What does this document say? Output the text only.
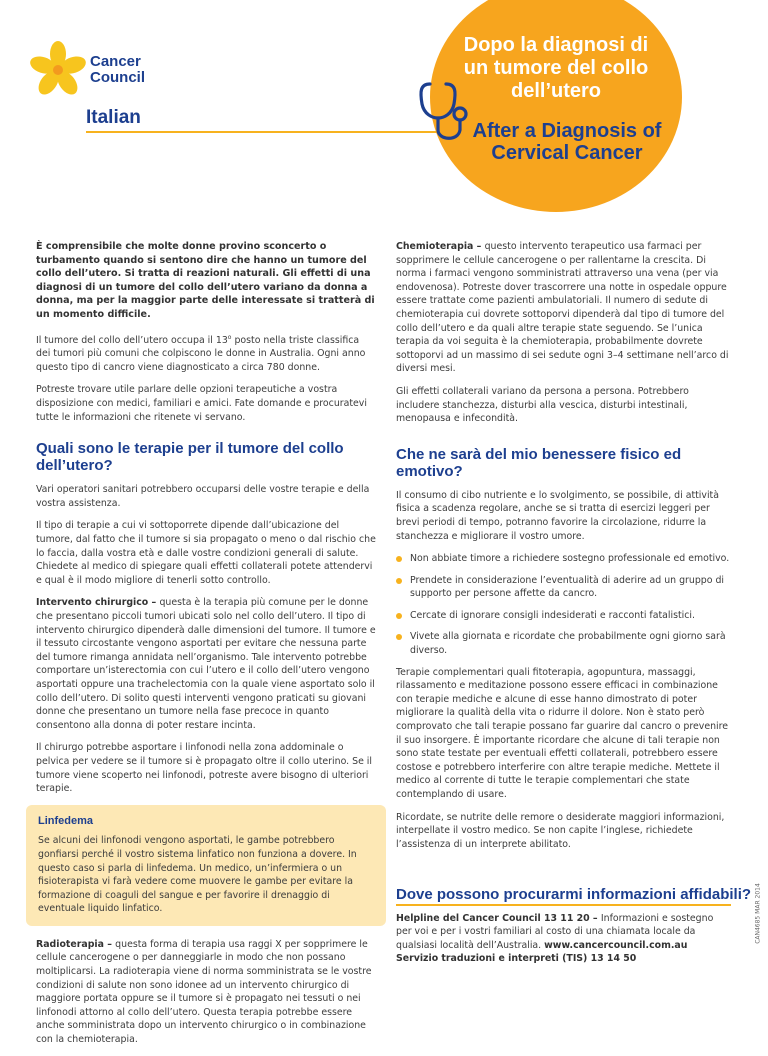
Cancer
Council
Italian
Dopo la diagnosi di un tumore del collo dell’utero
After a Diagnosis of Cervical Cancer

È comprensibile che molte donne provino sconcerto o turbamento quando si sentono dire che hanno un tumore del collo dell’utero. Si tratta di reazioni naturali. Gli effetti di una diagnosi di un tumore del collo dell’utero variano da donna a donna, ma per la maggior parte delle interessate si tratterà di un momento difficile.

Il tumore del collo dell’utero occupa il 13$^o$ posto nella triste classifica dei tumori più comuni che colpiscono le donne in Australia. Ogni anno questo tipo di cancro viene diagnosticato a circa 780 donne.

Potreste trovare utile parlare delle opzioni terapeutiche a vostra disposizione con medici, familiari e amici. Fate domande e procuratevi tutte le informazioni che ritenete vi servano.

Quali sono le terapie per il tumore del collo dell’utero?

Vari operatori sanitari potrebbero occuparsi delle vostre terapie e della vostra assistenza.

Il tipo di terapie a cui vi sottoporrete dipende dall’ubicazione del tumore, dal fatto che il tumore si sia propagato o meno o dal rischio che lo faccia, dalla vostra età e dalle vostre condizioni generali di salute. Chiedete al medico di spiegare quali effetti collaterali potete attendervi e qual è il modo migliore di tenerli sotto controllo.

Intervento chirurgico – questa è la terapia più comune per le donne che presentano piccoli tumori ubicati solo nel collo dell’utero. Il tipo di intervento chirurgico dipenderà dalle dimensioni del tumore. Il tumore e il tessuto circostante vengono asportati per evitare che nessuna parte del tumore rimanga annidata nell’organismo. Tale intervento potrebbe comportare un’isterectomia con cui l’utero e il collo dell’utero vengono asportati oppure una trachelectomia con la quale viene asportato solo il collo dell’utero. Di solito questi interventi vengono praticati su giovani donne che presentano un tumore nella fase precoce in quanto consentono alla donna di poter restare incinta.

Il chirurgo potrebbe asportare i linfonodi nella zona addominale o pelvica per vedere se il tumore si è propagato oltre il collo uterino. Se il tumore viene scoperto nei linfonodi, potreste avere bisogno di ulteriori terapie.

Linfedema
Se alcuni dei linfonodi vengono asportati, le gambe potrebbero gonfiarsi perché il vostro sistema linfatico non funziona a dovere. In questo caso si parla di linfedema. Un medico, un’infermiera o un fisioterapista vi farà vedere come muovere le gambe per evitare la formazione di coaguli del sangue e per favorire il drenaggio di eventuale liquido linfatico.

Radioterapia – questa forma di terapia usa raggi X per sopprimere le cellule cancerogene o per danneggiarle in modo che non possano moltiplicarsi. La radioterapia viene di norma somministrata se le vostre condizioni di salute non sono idonee ad un intervento chirurgico di maggiore portata oppure se il tumore si è propagato nei tessuti o nei linfonodi attorno al collo dell’utero. Questa terapia potrebbe essere anche somministrata dopo un intervento chirurgico o in combinazione con la chemioterapia.

Chemioterapia – questo intervento terapeutico usa farmaci per sopprimere le cellule cancerogene o per rallentarne la crescita. Di norma i farmaci vengono somministrati attraverso una vena (per via endovenosa). Potreste dover trascorrere una notte in ospedale oppure essere trattate come pazienti ambulatoriali. Il numero di sedute di chemioterapia cui dovrete sottoporvi dipenderà dal tipo di tumore del collo dell’utero e da quali altre terapie state seguendo. Se l’unica terapia da voi seguita è la chemioterapia, probabilmente dovrete sottoporvi ad un massimo di sei sedute ogni 3–4 settimane nell’arco di diversi mesi.

Gli effetti collaterali variano da persona a persona. Potrebbero includere stanchezza, disturbi alla vescica, disturbi intestinali, menopausa e infecondità.

Che ne sarà del mio benessere fisico ed emotivo?

Il consumo di cibo nutriente e lo svolgimento, se possibile, di attività fisica a scadenza regolare, anche se si tratta di esercizi leggeri per brevi periodi di tempo, potranno favorire la circolazione, ridurre la stanchezza e migliorare il vostro umore.

Non abbiate timore a richiedere sostegno professionale ed emotivo.
Prendete in considerazione l’eventualità di aderire ad un gruppo di supporto per persone affette da cancro.
Cercate di ignorare consigli indesiderati e racconti fatalistici.
Vivete alla giornata e ricordate che probabilmente ogni giorno sarà diverso.

Terapie complementari quali fitoterapia, agopuntura, massaggi, rilassamento e meditazione possono essere efficaci in combinazione con terapie mediche e alcune di esse hanno dimostrato di poter migliorare la qualità della vita o ridurre il dolore. Non è stato però comprovato che tali terapie possano far guarire dal cancro o prevenire il suo insorgere. È importante ricordare che alcune di tali terapie non sono state testate per eventuali effetti collaterali, potrebbero essere costose e potrebbero interferire con altre terapie mediche. Mettete il medico al corrente di tutte le terapie complementari che state contemplando di usare.

Ricordate, se nutrite delle remore o desiderate maggiori informazioni, interpellate il vostro medico. Se non capite l’inglese, richiedete l’assistenza di un interprete abilitato.

Dove possono procurarmi informazioni affidabili?
Helpline del Cancer Council 13 11 20 – Informazioni e sostegno per voi e per i vostri familiari al costo di una chiamata locale da qualsiasi località dell’Australia. www.cancercouncil.com.au
Servizio traduzioni e interpreti (TIS) 13 14 50
CAN4685 MAR 2014
